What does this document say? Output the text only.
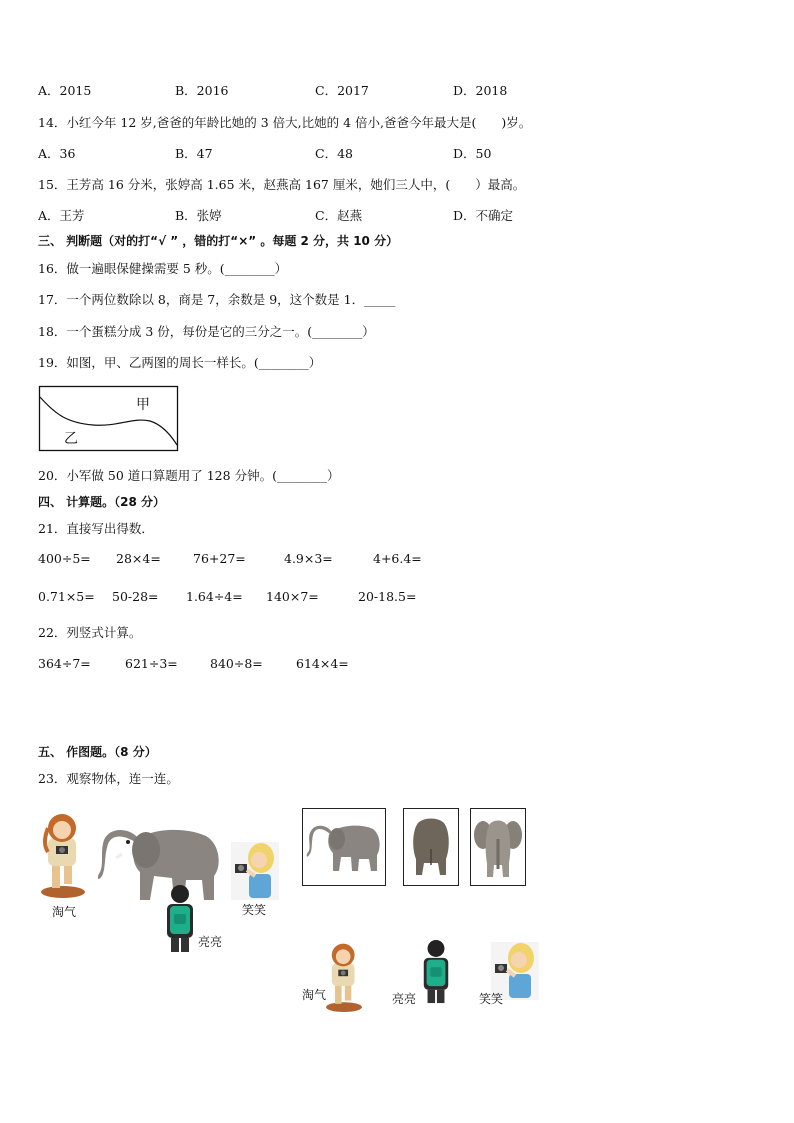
A．2015	B．2016	C．2017	D．2018
14．小红今年 12 岁,爸爸的年龄比她的 3 倍大,比她的 4 倍小,爸爸今年最大是(　　)岁。
A．36	B．47	C．48	D．50
15．王芳高 16 分米，张婷高 1.65 米，赵燕高 167 厘米，她们三人中，(　　）最高。
A．王芳	B．张婷	C．赵燕	D．不确定
三、 判断题（对的打“√ ” ，错的打“×” 。每题 2 分，共 10 分）
16．做一遍眼保健操需要 5 秒。(________）
17．一个两位数除以 8，商是 7，余数是 9，这个数是 1．_____
18．一个蛋糕分成 3 份，每份是它的三分之一。(________）
19．如图，甲、乙两图的周长一样长。(________）
甲
乙
20．小军做 50 道口算题用了 128 分钟。(________）
四、 计算题。（28 分）
21．直接写出得数．
400÷5= 28×4=	76+27=	4.9×3=	4+6.4=
0.71×5= 50-28= 1.64÷4= 140×7=	20-18.5=
22．列竖式计算。
364÷7=	621÷3=	840÷8=	614×4=
五、 作图题。（8 分）
23．观察物体，连一连。
淘气
亮亮
笑笑
淘气	亮亮	笑笑
